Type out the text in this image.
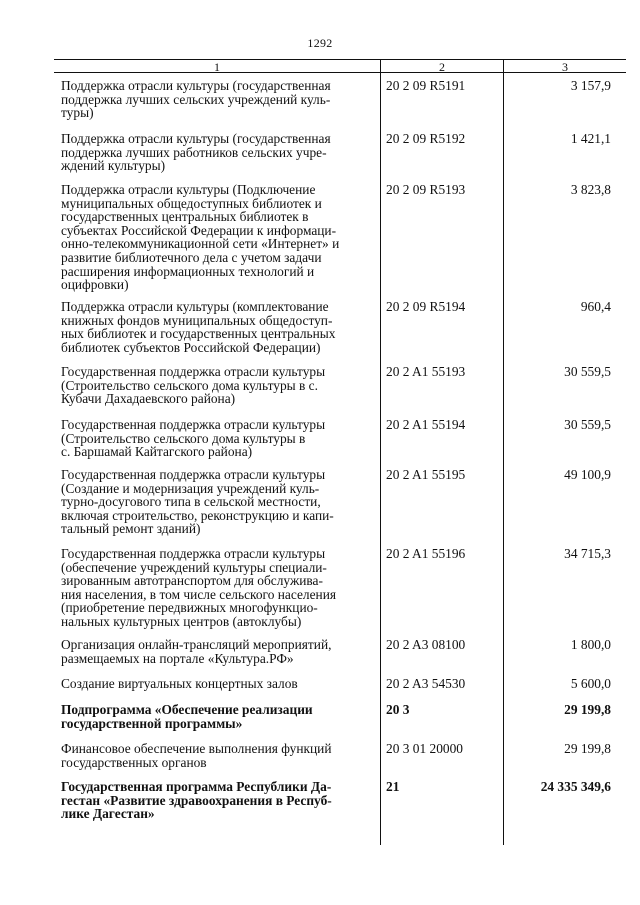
1292
1	2	3
Поддержка отрасли культуры (государственная
поддержка лучших сельских учреждений куль-
туры)
20 2 09 R5191	3 157,9
Поддержка отрасли культуры (государственная
поддержка лучших работников сельских учре-
ждений культуры)
20 2 09 R5192	1 421,1
Поддержка отрасли культуры (Подключение
муниципальных общедоступных библиотек и
государственных центральных библиотек в
субъектах Российской Федерации к информаци-
онно-телекоммуникационной сети «Интернет» и
развитие библиотечного дела с учетом задачи
расширения информационных технологий и
оцифровки)
20 2 09 R5193	3 823,8
Поддержка отрасли культуры (комплектование
книжных фондов муниципальных общедоступ-
ных библиотек и государственных центральных
библиотек субъектов Российской Федерации)
20 2 09 R5194	960,4
Государственная поддержка отрасли культуры
(Строительство сельского дома культуры в с.
Кубачи Дахадаевского района)
20 2 A1 55193	30 559,5
Государственная поддержка отрасли культуры
(Строительство сельского дома культуры в
с. Баршамай Кайтагского района)
20 2 A1 55194	30 559,5
Государственная поддержка отрасли культуры
(Создание и модернизация учреждений куль-
турно-досугового типа в сельской местности,
включая строительство, реконструкцию и капи-
тальный ремонт зданий)
20 2 A1 55195	49 100,9
Государственная поддержка отрасли культуры
(обеспечение учреждений культуры специали-
зированным автотранспортом для обслужива-
ния населения, в том числе сельского населения
(приобретение передвижных многофункцио-
нальных культурных центров (автоклубы)
20 2 A1 55196	34 715,3
Организация онлайн-трансляций мероприятий,
размещаемых на портале «Культура.РФ»
20 2 A3 08100	1 800,0
Создание виртуальных концертных залов	20 2 A3 54530	5 600,0
Подпрограмма «Обеспечение реализации
государственной программы»
20 3	29 199,8
Финансовое обеспечение выполнения функций
государственных органов
20 3 01 20000	29 199,8
Государственная программа Республики Да-
гестан «Развитие здравоохранения в Респуб-
лике Дагестан»
21	24 335 349,6
